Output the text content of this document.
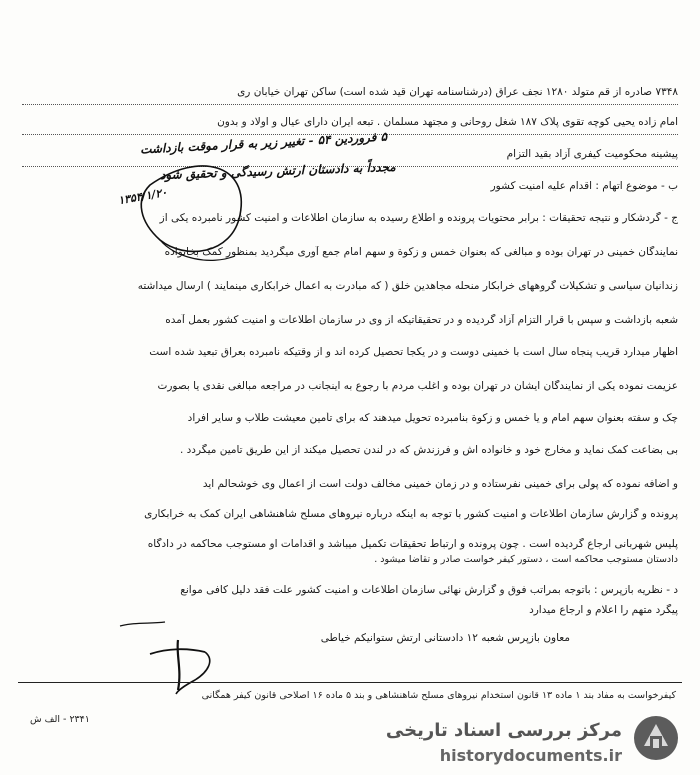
۷۳۴۸ صادره از قم متولد ۱۲۸۰ نجف عراق (درشناسنامه تهران قید شده است) ساکن تهران خیابان ری
امام زاده یحیی کوچه تقوی پلاک ۱۸۷ شغل روحانی و مجتهد مسلمان . تبعه ایران دارای عیال و اولاد و بدون
پیشینه محکومیت کیفری آزاد بقید التزام
ب - موضوع اتهام : اقدام علیه امنیت کشور
ج - گردشکار و نتیجه تحقیقات : برابر محتویات پرونده و اطلاع رسیده به سازمان اطلاعات و امنیت کشور نامبرده یکی از
نمایندگان خمینی در تهران بوده و مبالغی که بعنوان خمس و زکوة و سهم امام جمع آوری میگردید بمنظور کمک بخانواده
زندانیان سیاسی و تشکیلات گروههای خرابکار منحله مجاهدین خلق ( که مبادرت به اعمال خرابکاری مینمایند ) ارسال میداشته
شعبه بازداشت و سپس با قرار التزام آزاد گردیده و در تحقیقاتیکه از وی در سازمان اطلاعات و امنیت کشور بعمل آمده
اظهار میدارد قریب پنجاه سال است با خمینی دوست و در یکجا تحصیل کرده اند و از وقتیکه نامبرده بعراق تبعید شده است
عزیمت نموده یکی از نمایندگان ایشان در تهران بوده و اغلب مردم با رجوع به اینجانب در مراجعه مبالغی نقدی یا بصورت
چک و سفته بعنوان سهم امام و یا خمس و زکوة بنامبرده تحویل میدهند که برای تأمین معیشت طلاب و سایر افراد
بی بضاعت کمک نماید و مخارج خود و خانواده اش و فرزندش که در لندن تحصیل میکند از این طریق تامین میگردد .
و اضافه نموده که پولی برای خمینی نفرستاده و در زمان خمینی مخالف دولت است از اعمال وی خوشحالم اید
پرونده و گزارش سازمان اطلاعات و امنیت کشور با توجه به اینکه درباره نیروهای مسلح شاهنشاهی ایران کمک به خرابکاری
پلیس شهربانی ارجاع گردیده است . چون پرونده و ارتباط تحقیقات تکمیل میباشد و اقدامات او مستوجب محاکمه در دادگاه
دادستان مستوجب محاکمه است ، دستور کیفر خواست صادر و تقاضا میشود .
د - نظریه بازپرس : باتوجه بمراتب فوق و گزارش نهائی سازمان اطلاعات و امنیت کشور علت فقد دلیل کافی موانع
پیگرد متهم را اعلام و ارجاع میدارد
معاون بازپرس شعبه ۱۲ دادستانی ارتش ستوانیکم خیاطی
۵ فروردین ۵۴ - تغییر زیر به قرار موقت بازداشت
مجدداً به دادستان ارتش رسیدگی و تحقیق شود
۱۳۵۴/۱/۲۰
کیفرخواست به مفاد بند ۱ ماده ۱۳ قانون استخدام نیروهای مسلح شاهنشاهی و بند ۵ ماده ۱۶ اصلاحی قانون کیفر همگانی
۲۳۴۱ - الف ش
مرکز بررسی اسناد تاریخی
historydocuments.ir
